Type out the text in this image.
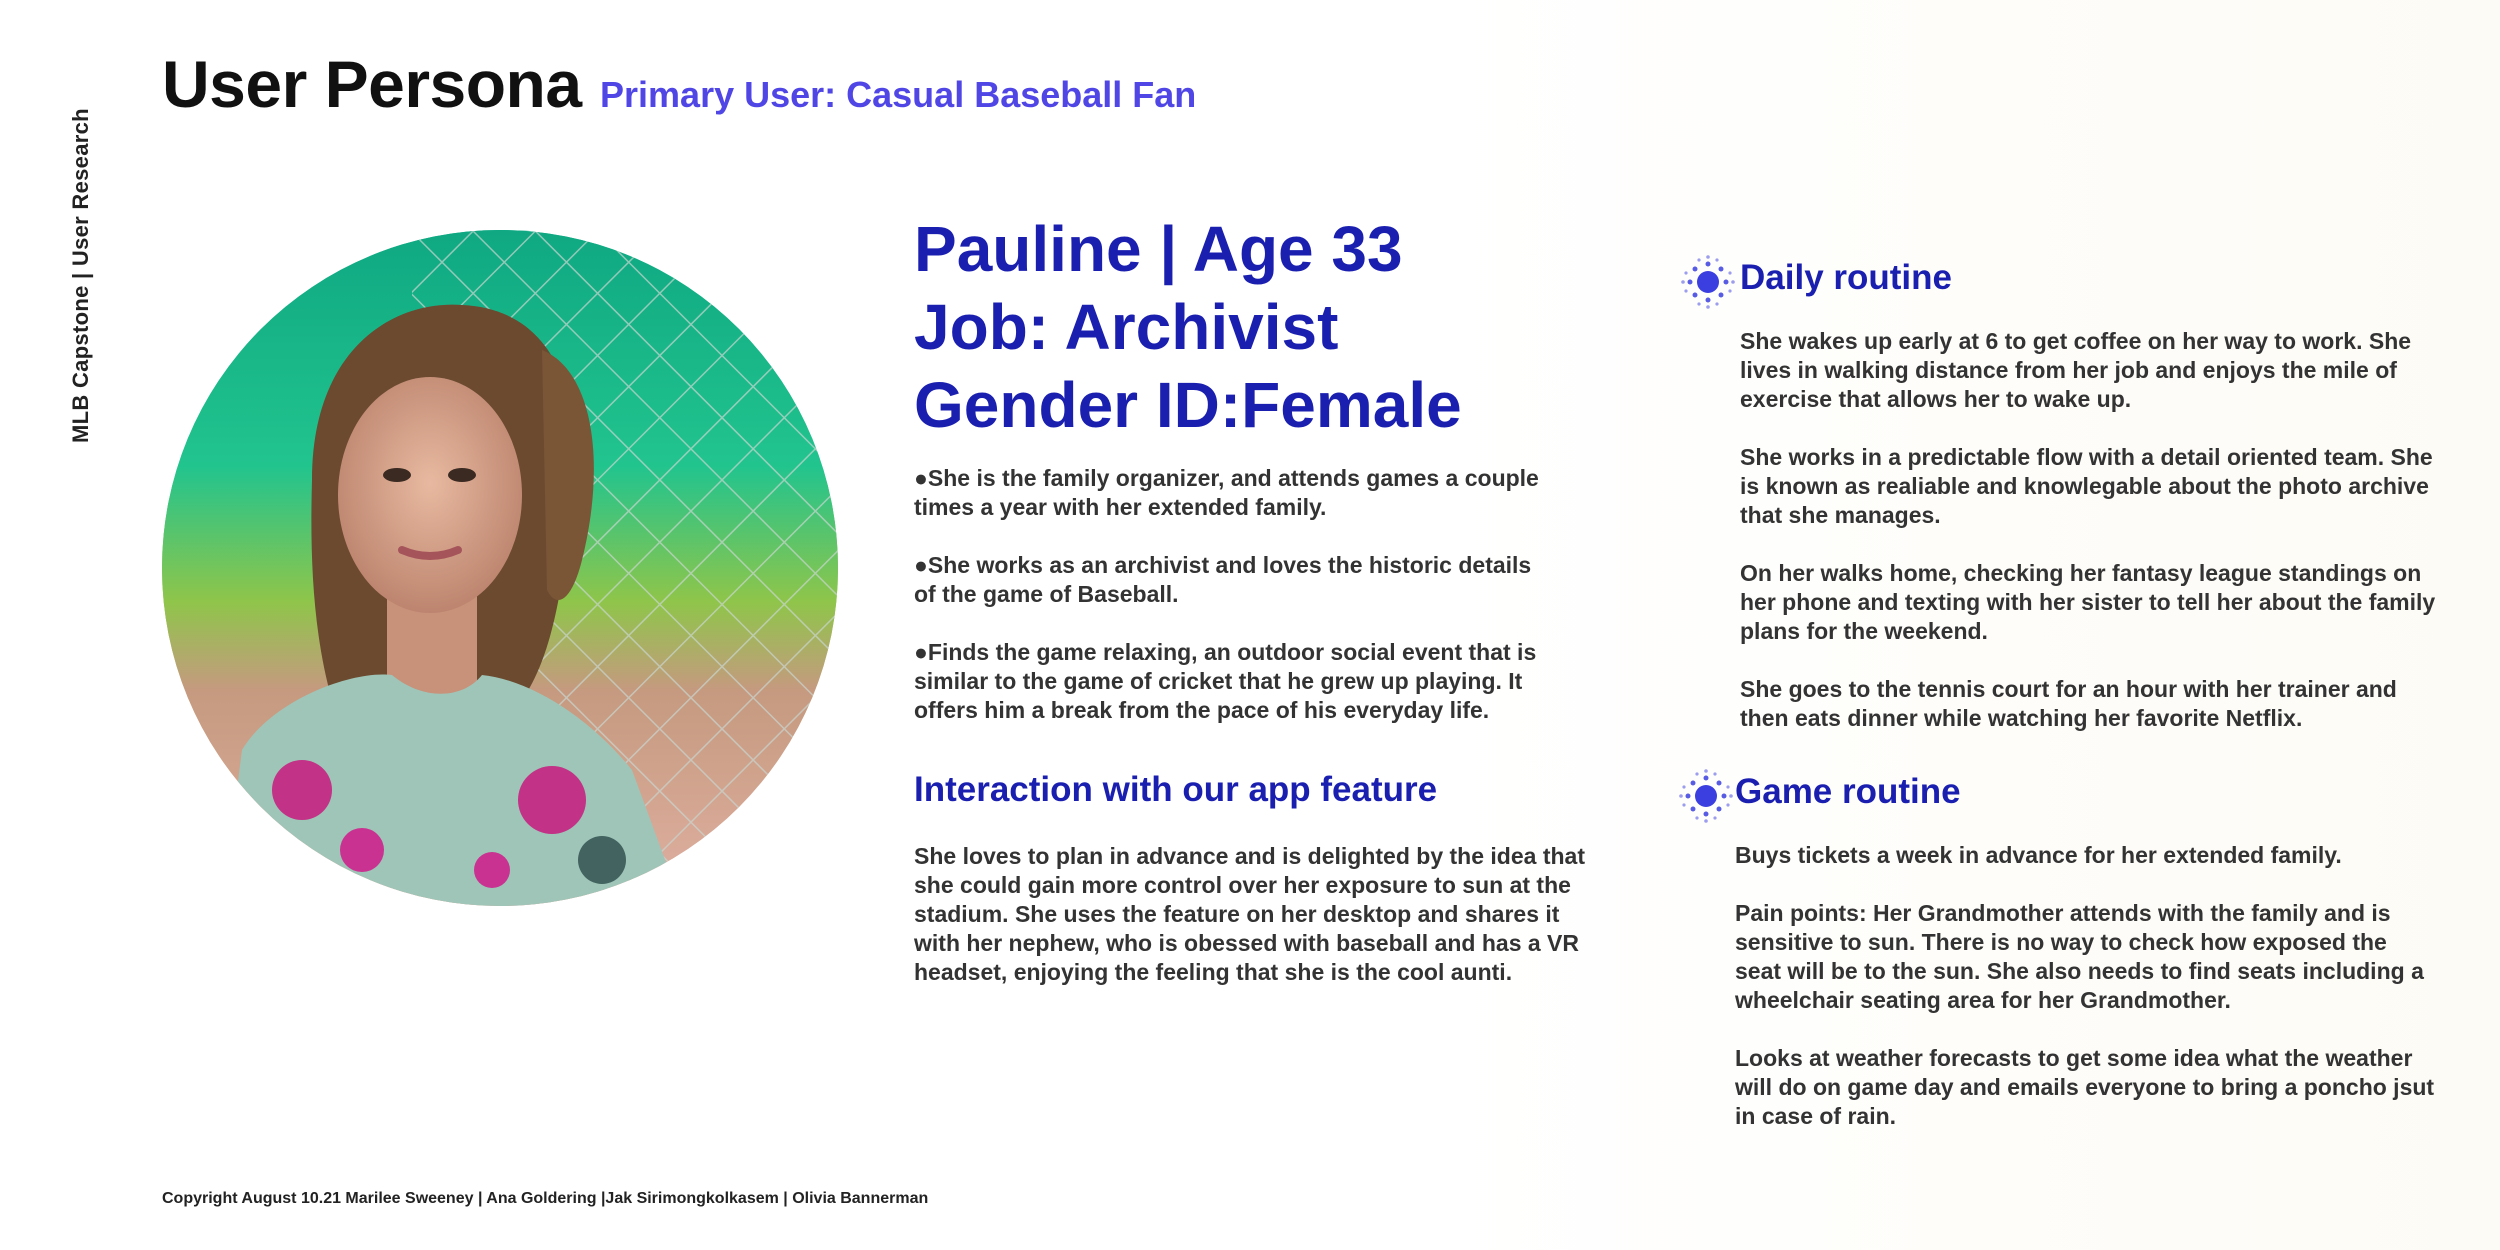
MLB Capstone | User Research
User Persona Primary User: Casual Baseball Fan
Pauline | Age 33
Job: Archivist
Gender ID:Female

●She is the family organizer, and attends games a couple times a year with her extended family.

●She works as an archivist and loves the historic details of the game of Baseball.

●Finds the game relaxing, an outdoor social event that is similar to the game of cricket that he grew up playing. It offers him a break from the pace of his everyday life.

Interaction with our app feature
She loves to plan in advance and is delighted by the idea that she could gain more control over her exposure to sun at the stadium. She uses the feature on her desktop and shares it with her nephew, who is obessed with baseball and has a VR headset, enjoying the feeling that she is the cool aunti.
Daily routine

She wakes up early at 6 to get coffee on her way to work. She lives in walking distance from her job and enjoys the mile of exercise that allows her to wake up.

She works in a predictable flow with a detail oriented team. She is known as realiable and knowlegable about the photo archive that she manages.

On her walks home, checking her fantasy league standings on her phone and texting with her sister to tell her about the family plans for the weekend.

She goes to the tennis court for an hour with her trainer and then eats dinner while watching her favorite Netflix.

Game routine

Buys tickets a week in advance for her extended family.

Pain points: Her Grandmother attends with the family and is sensitive to sun. There is no way to check how exposed the seat will be to the sun. She also needs to find seats including a wheelchair seating area for her Grandmother.

Looks at weather forecasts to get some idea what the weather will do on game day and emails everyone to bring a poncho jsut in case of rain.

Copyright August 10.21 Marilee Sweeney | Ana Goldering |Jak Sirimongkolkasem | Olivia Bannerman
